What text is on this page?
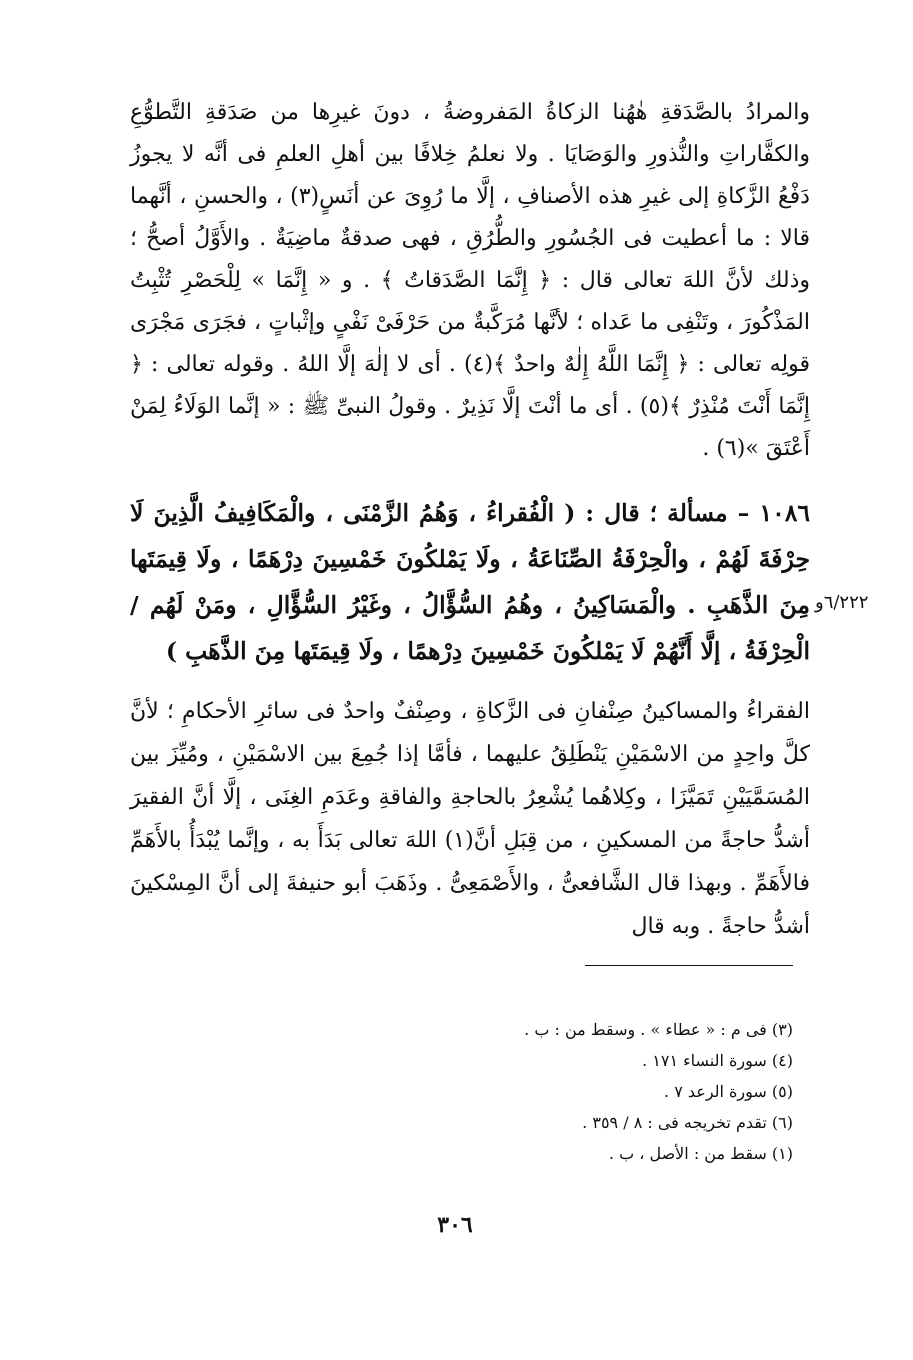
والمرادُ بالصَّدَقةِ هٰهُنا الزكاةُ المَفروضةُ ، دونَ غيرِها من صَدَقةِ التَّطوُّعِ والكفَّاراتِ والنُّذورِ والوَصَايَا . ولا نعلمُ خِلافًا بين أهلِ العلمِ فى أنَّه لا يجوزُ دَفْعُ الزَّكاةِ إلى غيرِ هذه الأصنافِ ، إلَّا ما رُوِىَ عن أنَسٍ(٣) ، والحسنِ ، أنَّهما قالا : ما أعطيت فى الجُسُورِ والطُّرُقِ ، فهى صدقةٌ ماضِيَةٌ . والأَوَّلُ أصحُّ ؛ وذلك لأنَّ اللهَ تعالى قال : ﴿ إِنَّمَا الصَّدَقاتُ ﴾ . و « إِنَّمَا » لِلْحَصْرِ تُثْبِتُ المَذْكُورَ ، وتَنْفِى ما عَداه ؛ لأنَّها مُرَكَّبةٌ من حَرْفَىْ نَفْىٍ وإثْباتٍ ، فجَرَى مَجْرَى قولِه تعالى : ﴿ إِنَّمَا اللَّهُ إِلٰهٌ واحدٌ ﴾(٤) . أى لا إلٰهَ إلَّا اللهُ . وقوله تعالى : ﴿ إِنَّمَا أَنْتَ مُنْذِرٌ ﴾(٥) . أى ما أنْتَ إلَّا نَذِيرٌ . وقولُ النبىِّ ﷺ : « إنَّما الوَلَاءُ لِمَنْ أَعْتَقَ »(٦) .

١٠٨٦ – مسألة ؛ قال : ( الْفُقراءُ ، وَهُمُ الزَّمْنَى ، والْمَكَافِيفُ الَّذِينَ لَا حِرْفَةَ لَهُمْ ، والْحِرْفَةُ الصِّنَاعَةُ ، ولَا يَمْلكُونَ خَمْسِينَ دِرْهَمًا ، ولَا قِيمَتَها مِنَ الذَّهَبِ . والْمَسَاكِينُ ، وهُمُ السُّؤَّالُ ، وغَيْرُ السُّؤَّالِ ، ومَنْ لَهُم / الْحِرْفَةُ ، إلَّا أَنَّهُمْ لَا يَمْلكُونَ خَمْسِينَ دِرْهمًا ، ولَا قِيمَتَها مِنَ الذَّهَبِ )

٦/٢٢٢و

الفقراءُ والمساكينُ صِنْفانِ فى الزَّكاةِ ، وصِنْفٌ واحدٌ فى سائرِ الأحكامِ ؛ لأنَّ كلَّ واحِدٍ من الاسْمَيْنِ يَنْطَلِقُ عليهما ، فأمَّا إذا جُمِعَ بين الاسْمَيْنِ ، ومُيِّزَ بين المُسَمَّيَيْنِ تَمَيَّزَا ، وكِلاهُما يُشْعِرُ بالحاجةِ والفاقةِ وعَدَمِ الغِنَى ، إلَّا أنَّ الفقيرَ أشدُّ حاجةً من المسكينِ ، من قِبَلِ أنَّ(١) اللهَ تعالى بَدَأَ به ، وإنَّما يُبْدَأُ بالأَهَمِّ فالأَهَمِّ . وبهذا قال الشَّافعىُّ ، والأَصْمَعِىُّ . وذَهَبَ أبو حنيفةَ إلى أنَّ المِسْكينَ أشدُّ حاجةً . وبه قال

(٣) فى م : « عطاء » . وسقط من : ب .
(٤) سورة النساء ١٧١ .
(٥) سورة الرعد ٧ .
(٦) تقدم تخريجه فى : ٨ / ٣٥٩ .
(١) سقط من : الأصل ، ب .
٣٠٦
